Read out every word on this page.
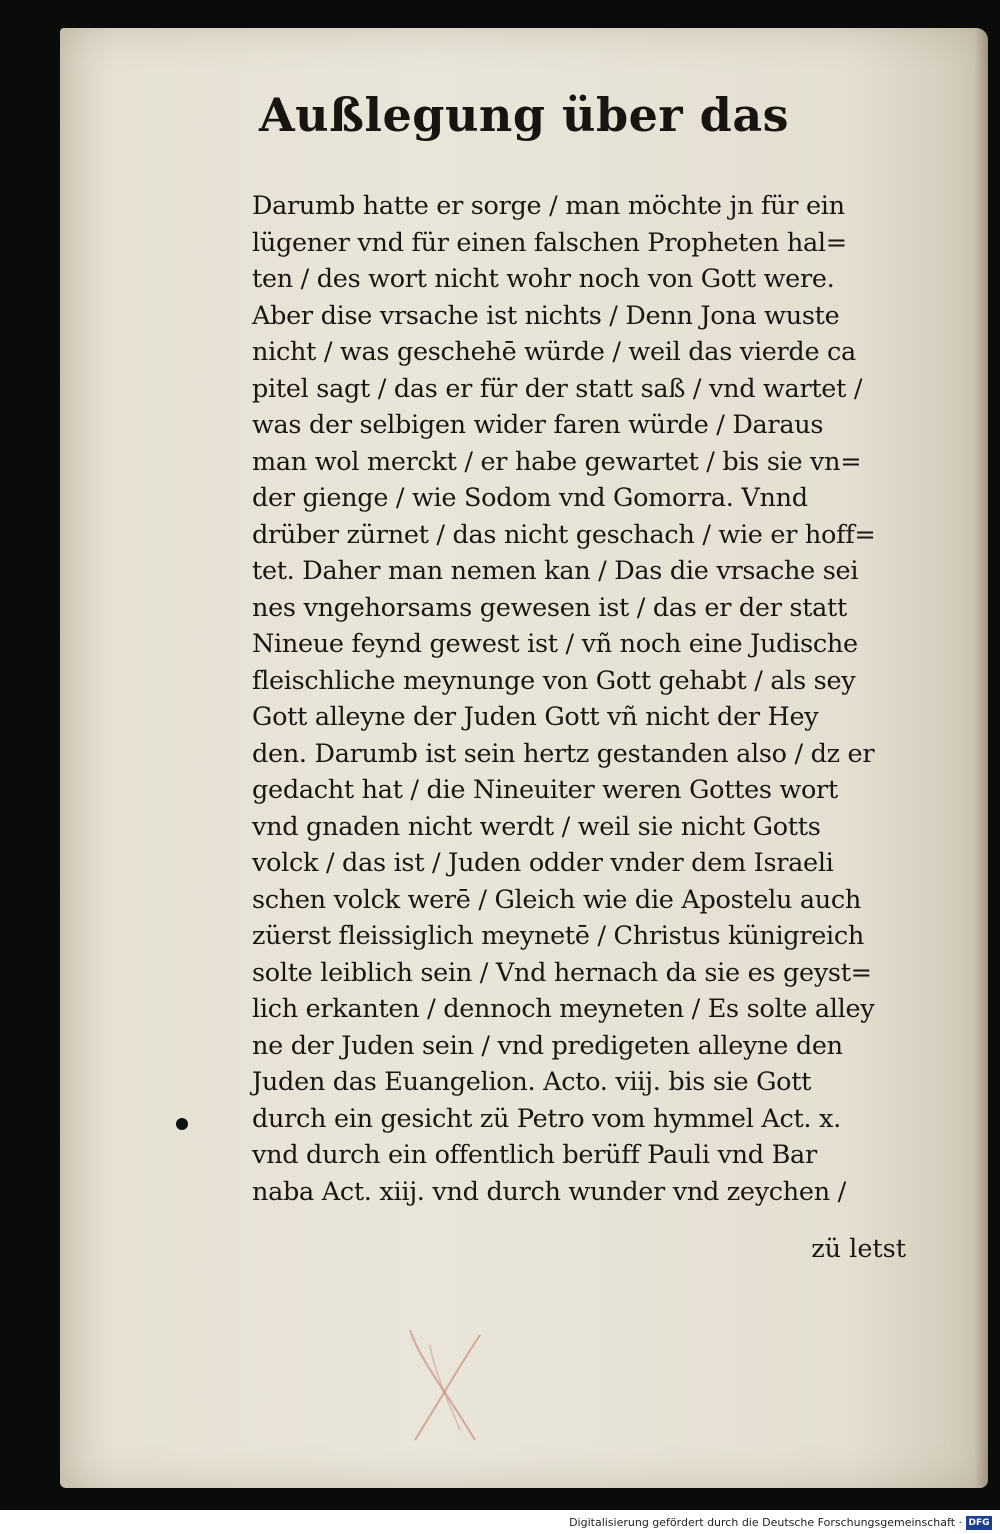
Außlegung über das
Darumb hatte er sorge / man möchte jn für ein
lügener vnd für einen falschen Propheten hal=
ten / des wort nicht wohr noch von Gott were.
Aber dise vrsache ist nichts / Denn Jona wuste
nicht / was geschehē würde / weil das vierde ca
pitel sagt / das er für der statt saß / vnd wartet /
was der selbigen wider faren würde / Daraus
man wol merckt / er habe gewartet / bis sie vn=
der gienge / wie Sodom vnd Gomorra. Vnnd
drüber zürnet / das nicht geschach / wie er hoff=
tet. Daher man nemen kan / Das die vrsache sei
nes vngehorsams gewesen ist / das er der statt
Nineue feynd gewest ist / vñ noch eine Judische
fleischliche meynunge von Gott gehabt / als sey
Gott alleyne der Juden Gott vñ nicht der Hey
den. Darumb ist sein hertz gestanden also / dz er
gedacht hat / die Nineuiter weren Gottes wort
vnd gnaden nicht werdt / weil sie nicht Gotts
volck / das ist / Juden odder vnder dem Israeli
schen volck werē / Gleich wie die Apostelu auch
züerst fleissiglich meynetē / Christus künigreich
solte leiblich sein / Vnd hernach da sie es geyst=
lich erkanten / dennoch meyneten / Es solte alley
ne der Juden sein / vnd predigeten alleyne den
Juden das Euangelion. Acto. viij. bis sie Gott
durch ein gesicht zü Petro vom hymmel Act. x.
vnd durch ein offentlich berüff Pauli vnd Bar
naba Act. xiij. vnd durch wunder vnd zeychen /
zü letst
Digitalisierung gefördert durch die Deutsche Forschungsgemeinschaft · DFG
